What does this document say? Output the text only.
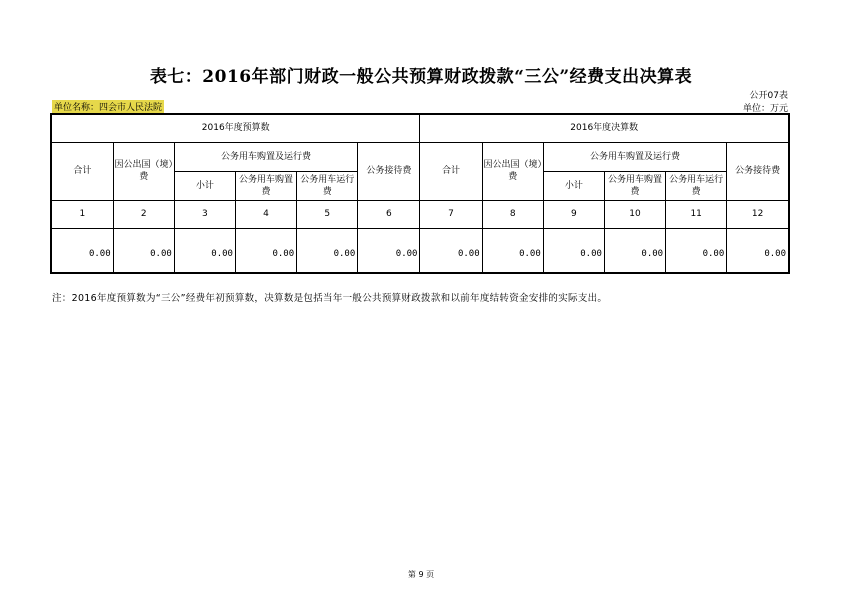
表七：2016年部门财政一般公共预算财政拨款“三公”经费支出决算表
公开07表
单位名称：四会市人民法院	单位：万元
2016年度预算数						2016年度决算数					
合计	因公出国（境）费	公务用车购置及运行费			公务接待费	合计	因公出国（境）费	公务用车购置及运行费			公务接待费
		小计	公务用车购置费	公务用车运行费				小计	公务用车购置费	公务用车运行费	
1	2	3	4	5	6	7	8	9	10	11	12
0.00	0.00	0.00	0.00	0.00	0.00	0.00	0.00	0.00	0.00	0.00	0.00
注：2016年度预算数为“三公”经费年初预算数，决算数是包括当年一般公共预算财政拨款和以前年度结转资金安排的实际支出。
第 9 页
